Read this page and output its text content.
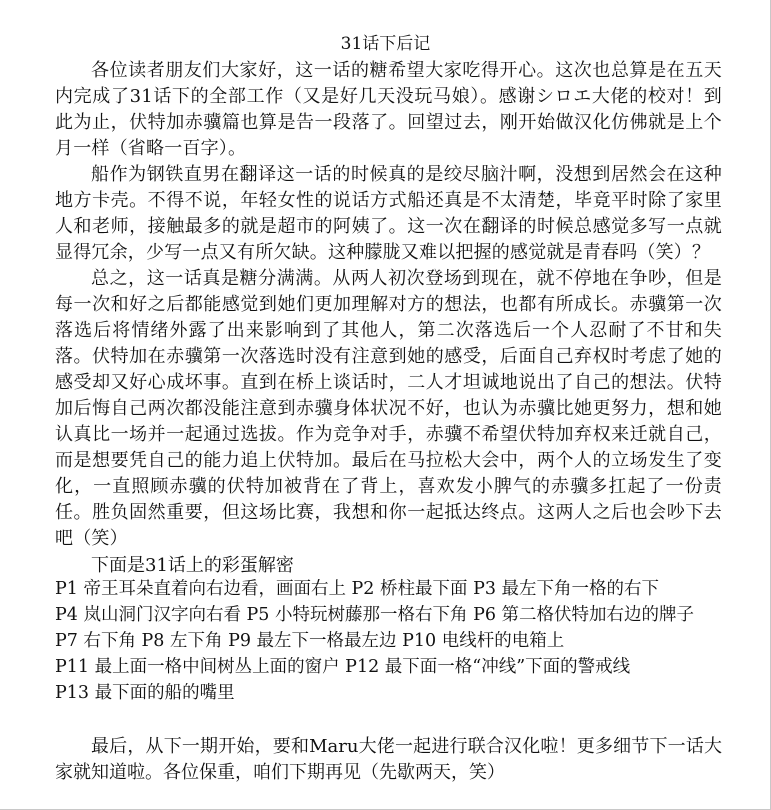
31话下后记

各位读者朋友们大家好，这一话的糖希望大家吃得开心。这次也总算是在五天内完成了31话下的全部工作（又是好几天没玩马娘）。感谢シロエ大佬的校对！到此为止，伏特加赤骥篇也算是告一段落了。回望过去，刚开始做汉化仿佛就是上个月一样（省略一百字）。

船作为钢铁直男在翻译这一话的时候真的是绞尽脑汁啊，没想到居然会在这种地方卡壳。不得不说，年轻女性的说话方式船还真是不太清楚，毕竟平时除了家里人和老师，接触最多的就是超市的阿姨了。这一次在翻译的时候总感觉多写一点就显得冗余，少写一点又有所欠缺。这种朦胧又难以把握的感觉就是青春吗（笑）？

总之，这一话真是糖分满满。从两人初次登场到现在，就不停地在争吵，但是每一次和好之后都能感觉到她们更加理解对方的想法，也都有所成长。赤骥第一次落选后将情绪外露了出来影响到了其他人，第二次落选后一个人忍耐了不甘和失落。伏特加在赤骥第一次落选时没有注意到她的感受，后面自己弃权时考虑了她的感受却又好心成坏事。直到在桥上谈话时，二人才坦诚地说出了自己的想法。伏特加后悔自己两次都没能注意到赤骥身体状况不好，也认为赤骥比她更努力，想和她认真比一场并一起通过选拔。作为竞争对手，赤骥不希望伏特加弃权来迁就自己，而是想要凭自己的能力追上伏特加。最后在马拉松大会中，两个人的立场发生了变化，一直照顾赤骥的伏特加被背在了背上，喜欢发小脾气的赤骥多扛起了一份责任。胜负固然重要，但这场比赛，我想和你一起抵达终点。这两人之后也会吵下去吧（笑）

下面是31话上的彩蛋解密
P1 帝王耳朵直着向右边看，画面右上 P2 桥柱最下面 P3 最左下角一格的右下
P4 岚山洞门汉字向右看 P5 小特玩树藤那一格右下角 P6 第二格伏特加右边的牌子
P7 右下角 P8 左下角 P9 最左下一格最左边 P10 电线杆的电箱上
P11 最上面一格中间树丛上面的窗户 P12 最下面一格“冲线”下面的警戒线
P13 最下面的船的嘴里

最后，从下一期开始，要和Maru大佬一起进行联合汉化啦！更多细节下一话大家就知道啦。各位保重，咱们下期再见（先歇两天，笑）
